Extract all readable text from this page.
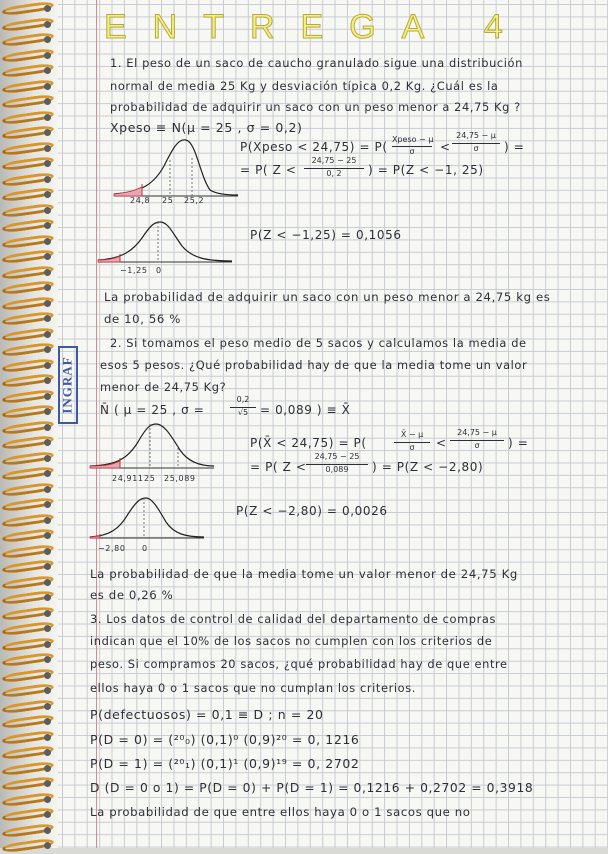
INGRAF
ENTREGA 4
1. El peso de un saco de caucho granulado sigue una distribución
normal de media 25 Kg y desviación típica 0,2 Kg. ¿Cuál es la
probabilidad de adquirir un saco con un peso menor a 24,75 Kg ?
Xpeso ≡ N(μ = 25 , σ = 0,2)
P(Xpeso < 24,75) = P(
Xpeso − μ
σ	<
24,75 − μ
σ	) =
= P( Z <
24,75 − 25
0, 2	) = P(Z < −1, 25)
24,8 25 25,2
−1,25 0
P(Z < −1,25) = 0,1056
La probabilidad de adquirir un saco con un peso menor a 24,75 kg es
de 10, 56 %
2. Si tomamos el peso medio de 5 sacos y calculamos la media de
esos 5 pesos. ¿Qué probabilidad hay de que la media tome un valor
menor de 24,75 Kg?
N̄ ( μ = 25 , σ =
0,2
√5 = 0,089 ) ≡ X̄
P(X̄ < 24,75) = P(
X̄ − μ
σ	<
24,75 − μ
σ	) =
= P( Z <
24,75 − 25
0,089	) = P(Z < −2,80)
24,911 25 25,089
−2,80 0
P(Z < −2,80) = 0,0026
La probabilidad de que la media tome un valor menor de 24,75 Kg
es de 0,26 %
3. Los datos de control de calidad del departamento de compras
indican que el 10% de los sacos no cumplen con los criterios de
peso. Si compramos 20 sacos, ¿qué probabilidad hay de que entre
ellos haya 0 o 1 sacos que no cumplan los criterios.
P(defectuosos) = 0,1 ≡ D ; n = 20
P(D = 0) = (²⁰₀) (0,1)⁰ (0,9)²⁰ = 0, 1216
P(D = 1) = (²⁰₁) (0,1)¹ (0,9)¹⁹ = 0, 2702
D (D = 0 o 1) = P(D = 0) + P(D = 1) = 0,1216 + 0,2702 = 0,3918
La probabilidad de que entre ellos haya 0 o 1 sacos que no
